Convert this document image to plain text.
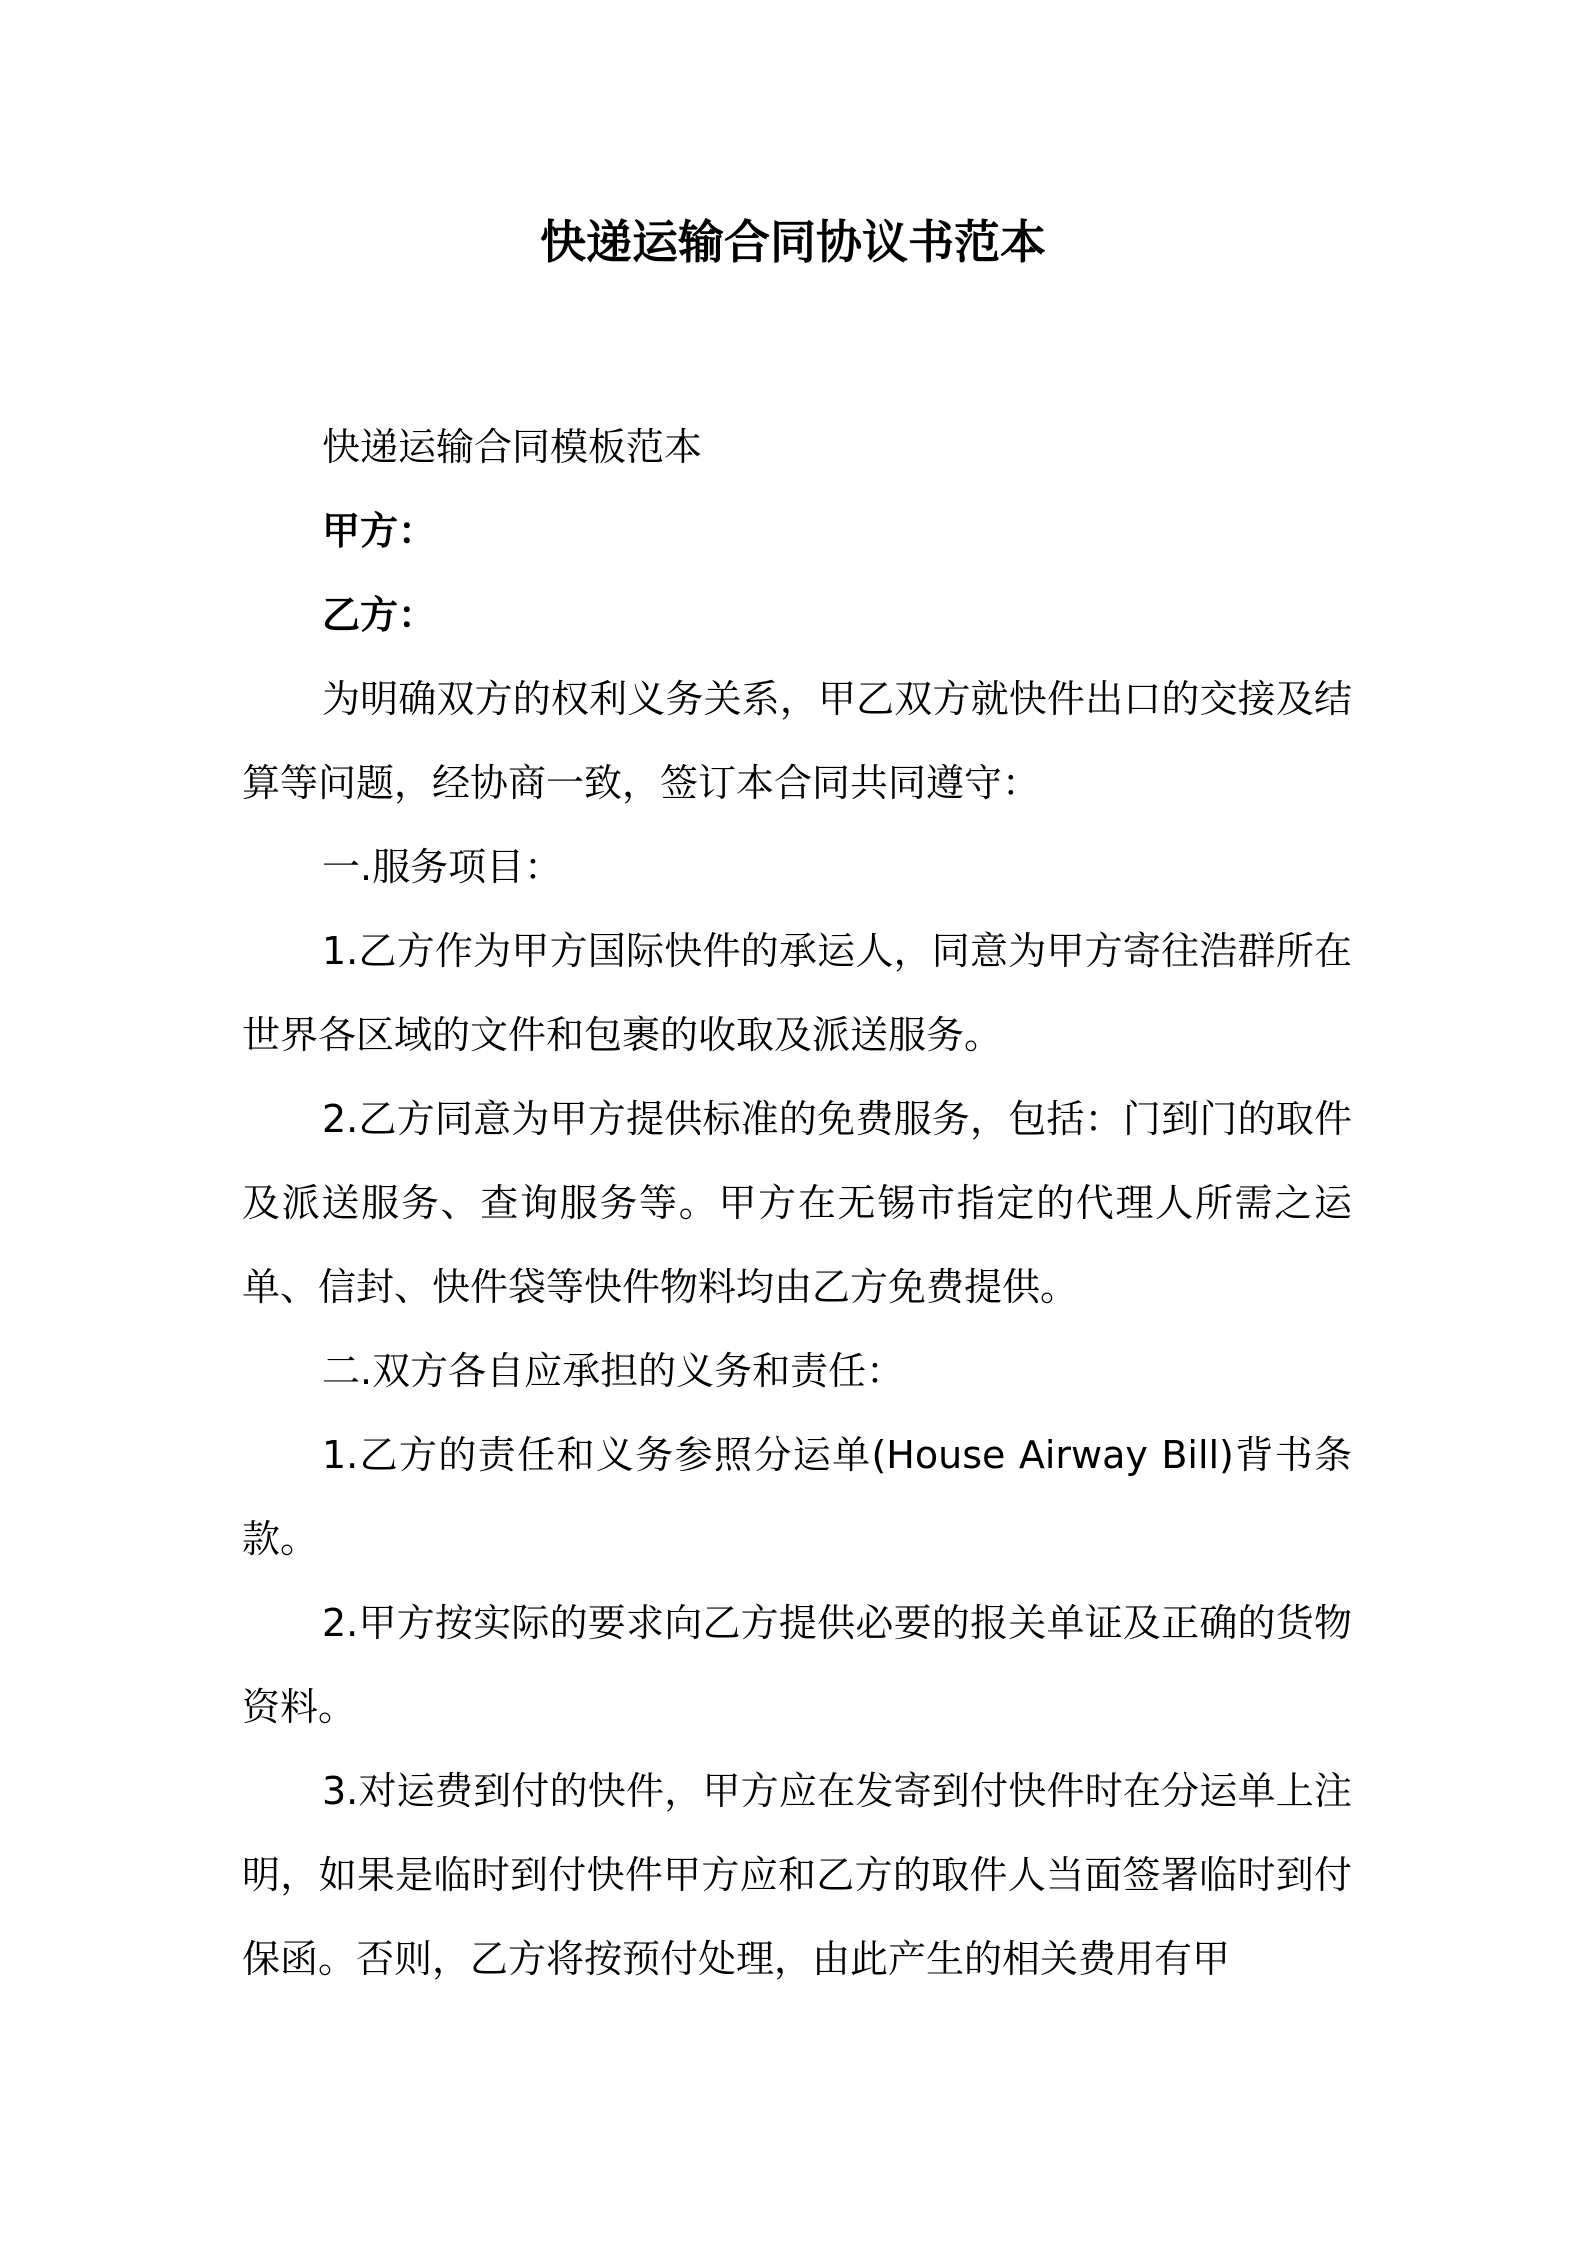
快递运输合同协议书范本

快递运输合同模板范本

甲方：

乙方：

为明确双方的权利义务关系，甲乙双方就快件出口的交接及结算等问题，经协商一致，签订本合同共同遵守：

一.服务项目：

1.乙方作为甲方国际快件的承运人，同意为甲方寄往浩群所在世界各区域的文件和包裹的收取及派送服务。

2.乙方同意为甲方提供标准的免费服务，包括：门到门的取件及派送服务、查询服务等。甲方在无锡市指定的代理人所需之运单、信封、快件袋等快件物料均由乙方免费提供。

二.双方各自应承担的义务和责任：

1.乙方的责任和义务参照分运单(House Airway Bill)背书条款。

2.甲方按实际的要求向乙方提供必要的报关单证及正确的货物资料。

3.对运费到付的快件，甲方应在发寄到付快件时在分运单上注明，如果是临时到付快件甲方应和乙方的取件人当面签署临时到付保函。否则，乙方将按预付处理，由此产生的相关费用有甲
